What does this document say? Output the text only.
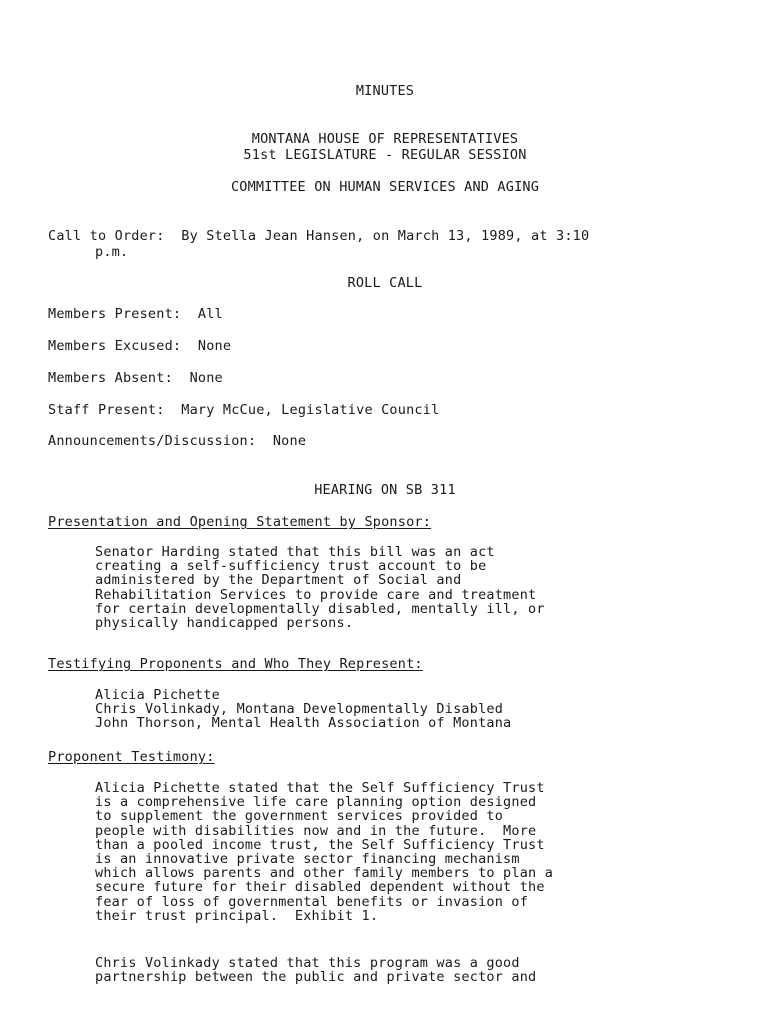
MINUTES
MONTANA HOUSE OF REPRESENTATIVES
51st LEGISLATURE - REGULAR SESSION
COMMITTEE ON HUMAN SERVICES AND AGING
Call to Order:  By Stella Jean Hansen, on March 13, 1989, at 3:10
p.m.
ROLL CALL
Members Present:  All
Members Excused:  None
Members Absent:  None
Staff Present:  Mary McCue, Legislative Council
Announcements/Discussion:  None
HEARING ON SB 311
Presentation and Opening Statement by Sponsor:
Senator Harding stated that this bill was an act
creating a self-sufficiency trust account to be
administered by the Department of Social and
Rehabilitation Services to provide care and treatment
for certain developmentally disabled, mentally ill, or
physically handicapped persons.
Testifying Proponents and Who They Represent:
Alicia Pichette
Chris Volinkady, Montana Developmentally Disabled
John Thorson, Mental Health Association of Montana
Proponent Testimony:
Alicia Pichette stated that the Self Sufficiency Trust
is a comprehensive life care planning option designed
to supplement the government services provided to
people with disabilities now and in the future.  More
than a pooled income trust, the Self Sufficiency Trust
is an innovative private sector financing mechanism
which allows parents and other family members to plan a
secure future for their disabled dependent without the
fear of loss of governmental benefits or invasion of
their trust principal.  Exhibit 1.
Chris Volinkady stated that this program was a good
partnership between the public and private sector and
